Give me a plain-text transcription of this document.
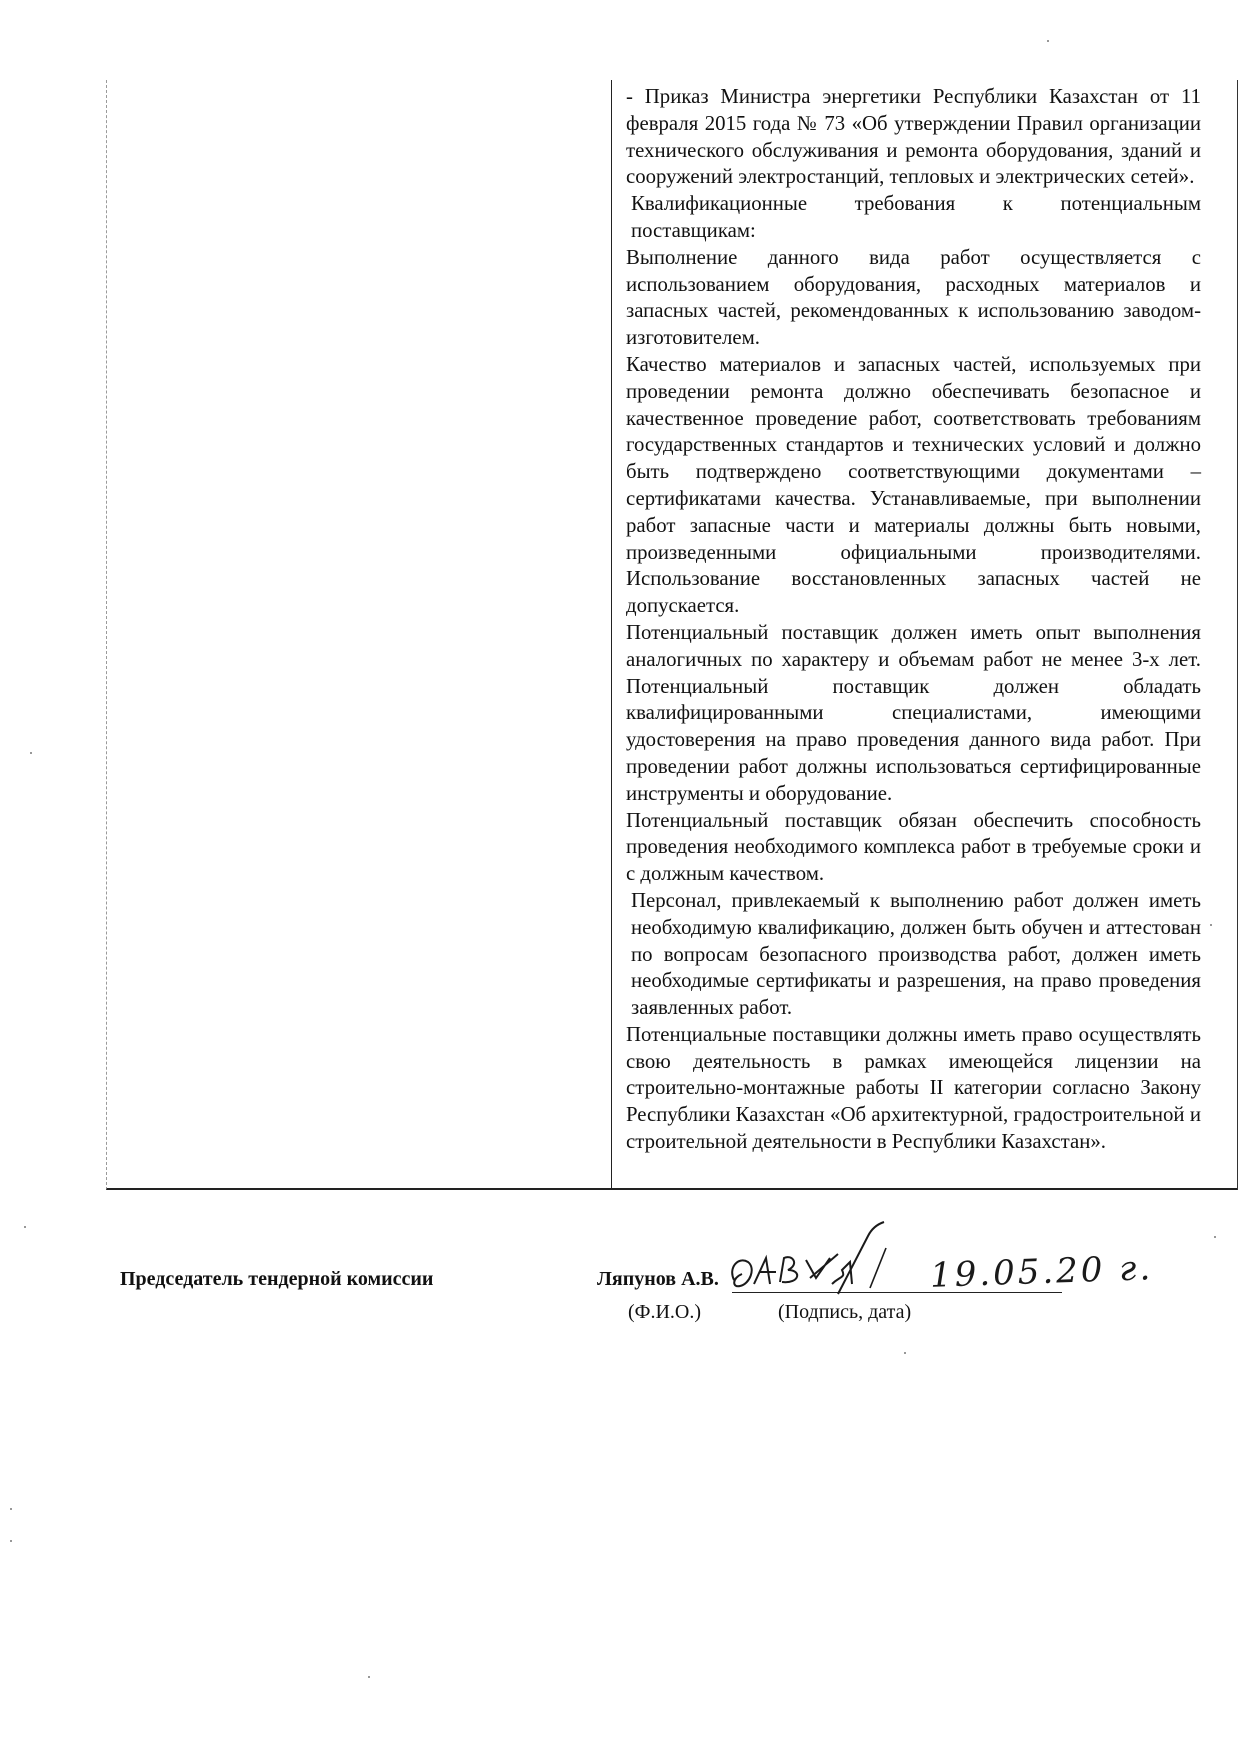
- Приказ Министра энергетики Республики Казахстан от 11 февраля 2015 года № 73 «Об утверждении Правил организации технического обслуживания и ремонта оборудования, зданий и сооружений электростанций, тепловых и электрических сетей».

Квалификационные требования к потенциальным поставщикам:

Выполнение данного вида работ осуществляется с использованием оборудования, расходных материалов и запасных частей, рекомендованных к использованию заводом-изготовителем.

Качество материалов и запасных частей, используемых при проведении ремонта должно обеспечивать безопасное и качественное проведение работ, соответствовать требованиям государственных стандартов и технических условий и должно быть подтверждено соответствующими документами – сертификатами качества. Устанавливаемые, при выполнении работ запасные части и материалы должны быть новыми, произведенными официальными производителями. Использование восстановленных запасных частей не допускается.

Потенциальный поставщик должен иметь опыт выполнения аналогичных по характеру и объемам работ не менее 3-х лет. Потенциальный поставщик должен обладать квалифицированными специалистами, имеющими удостоверения на право проведения данного вида работ. При проведении работ должны использоваться сертифицированные инструменты и оборудование.

Потенциальный поставщик обязан обеспечить способность проведения необходимого комплекса работ в требуемые сроки и с должным качеством.

Персонал, привлекаемый к выполнению работ должен иметь необходимую квалификацию, должен быть обучен и аттестован по вопросам безопасного производства работ, должен иметь необходимые сертификаты и разрешения, на право проведения заявленных работ.

Потенциальные поставщики должны иметь право осуществлять свою деятельность в рамках имеющейся лицензии на строительно-монтажные работы II категории согласно Закону Республики Казахстан «Об архитектурной, градостроительной и строительной деятельности в Республики Казахстан».

Председатель тендерной комиссии	Ляпунов А.В.	19.05.20 г.
(Ф.И.О.)	(Подпись, дата)
